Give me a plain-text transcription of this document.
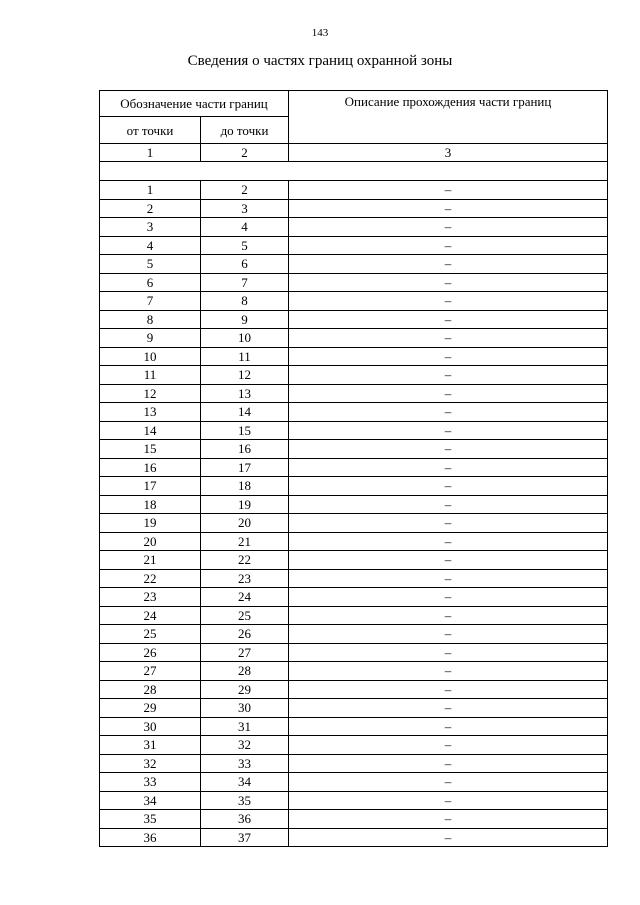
143
Сведения о частях границ охранной зоны
Обозначение части границ		Описание прохождения части границ
от точки	до точки	
1	2	3

1	2	–
2	3	–
3	4	–
4	5	–
5	6	–
6	7	–
7	8	–
8	9	–
9	10	–
10	11	–
11	12	–
12	13	–
13	14	–
14	15	–
15	16	–
16	17	–
17	18	–
18	19	–
19	20	–
20	21	–
21	22	–
22	23	–
23	24	–
24	25	–
25	26	–
26	27	–
27	28	–
28	29	–
29	30	–
30	31	–
31	32	–
32	33	–
33	34	–
34	35	–
35	36	–
36	37	–
